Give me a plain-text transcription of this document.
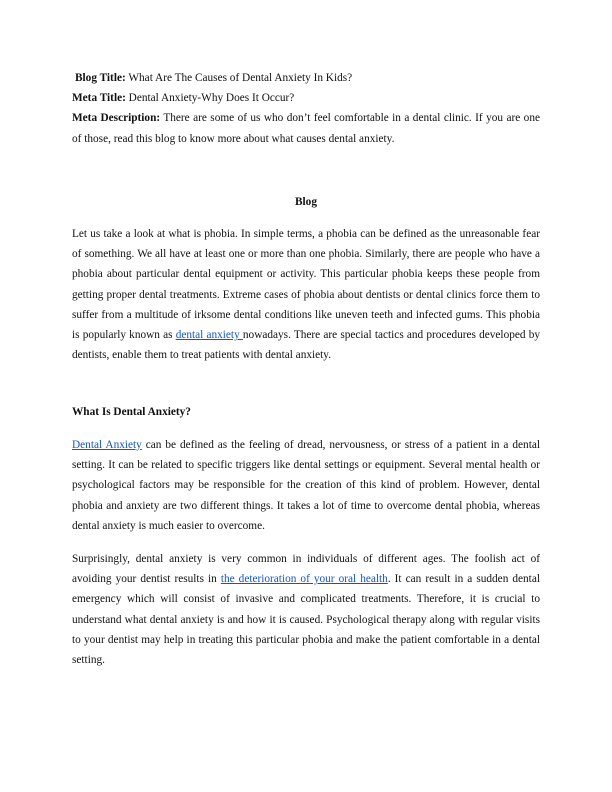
Blog Title: What Are The Causes of Dental Anxiety In Kids?

Meta Title: Dental Anxiety-Why Does It Occur?

Meta Description: There are some of us who don’t feel comfortable in a dental clinic. If you are one of those, read this blog to know more about what causes dental anxiety.

Blog

Let us take a look at what is phobia. In simple terms, a phobia can be defined as the unreasonable fear of something. We all have at least one or more than one phobia. Similarly, there are people who have a phobia about particular dental equipment or activity. This particular phobia keeps these people from getting proper dental treatments. Extreme cases of phobia about dentists or dental clinics force them to suffer from a multitude of irksome dental conditions like uneven teeth and infected gums. This phobia is popularly known as dental anxiety nowadays. There are special tactics and procedures developed by dentists, enable them to treat patients with dental anxiety.

What Is Dental Anxiety?

Dental Anxiety can be defined as the feeling of dread, nervousness, or stress of a patient in a dental setting. It can be related to specific triggers like dental settings or equipment. Several mental health or psychological factors may be responsible for the creation of this kind of problem. However, dental phobia and anxiety are two different things. It takes a lot of time to overcome dental phobia, whereas dental anxiety is much easier to overcome.

Surprisingly, dental anxiety is very common in individuals of different ages. The foolish act of avoiding your dentist results in the deterioration of your oral health. It can result in a sudden dental emergency which will consist of invasive and complicated treatments. Therefore, it is crucial to understand what dental anxiety is and how it is caused. Psychological therapy along with regular visits to your dentist may help in treating this particular phobia and make the patient comfortable in a dental setting.
